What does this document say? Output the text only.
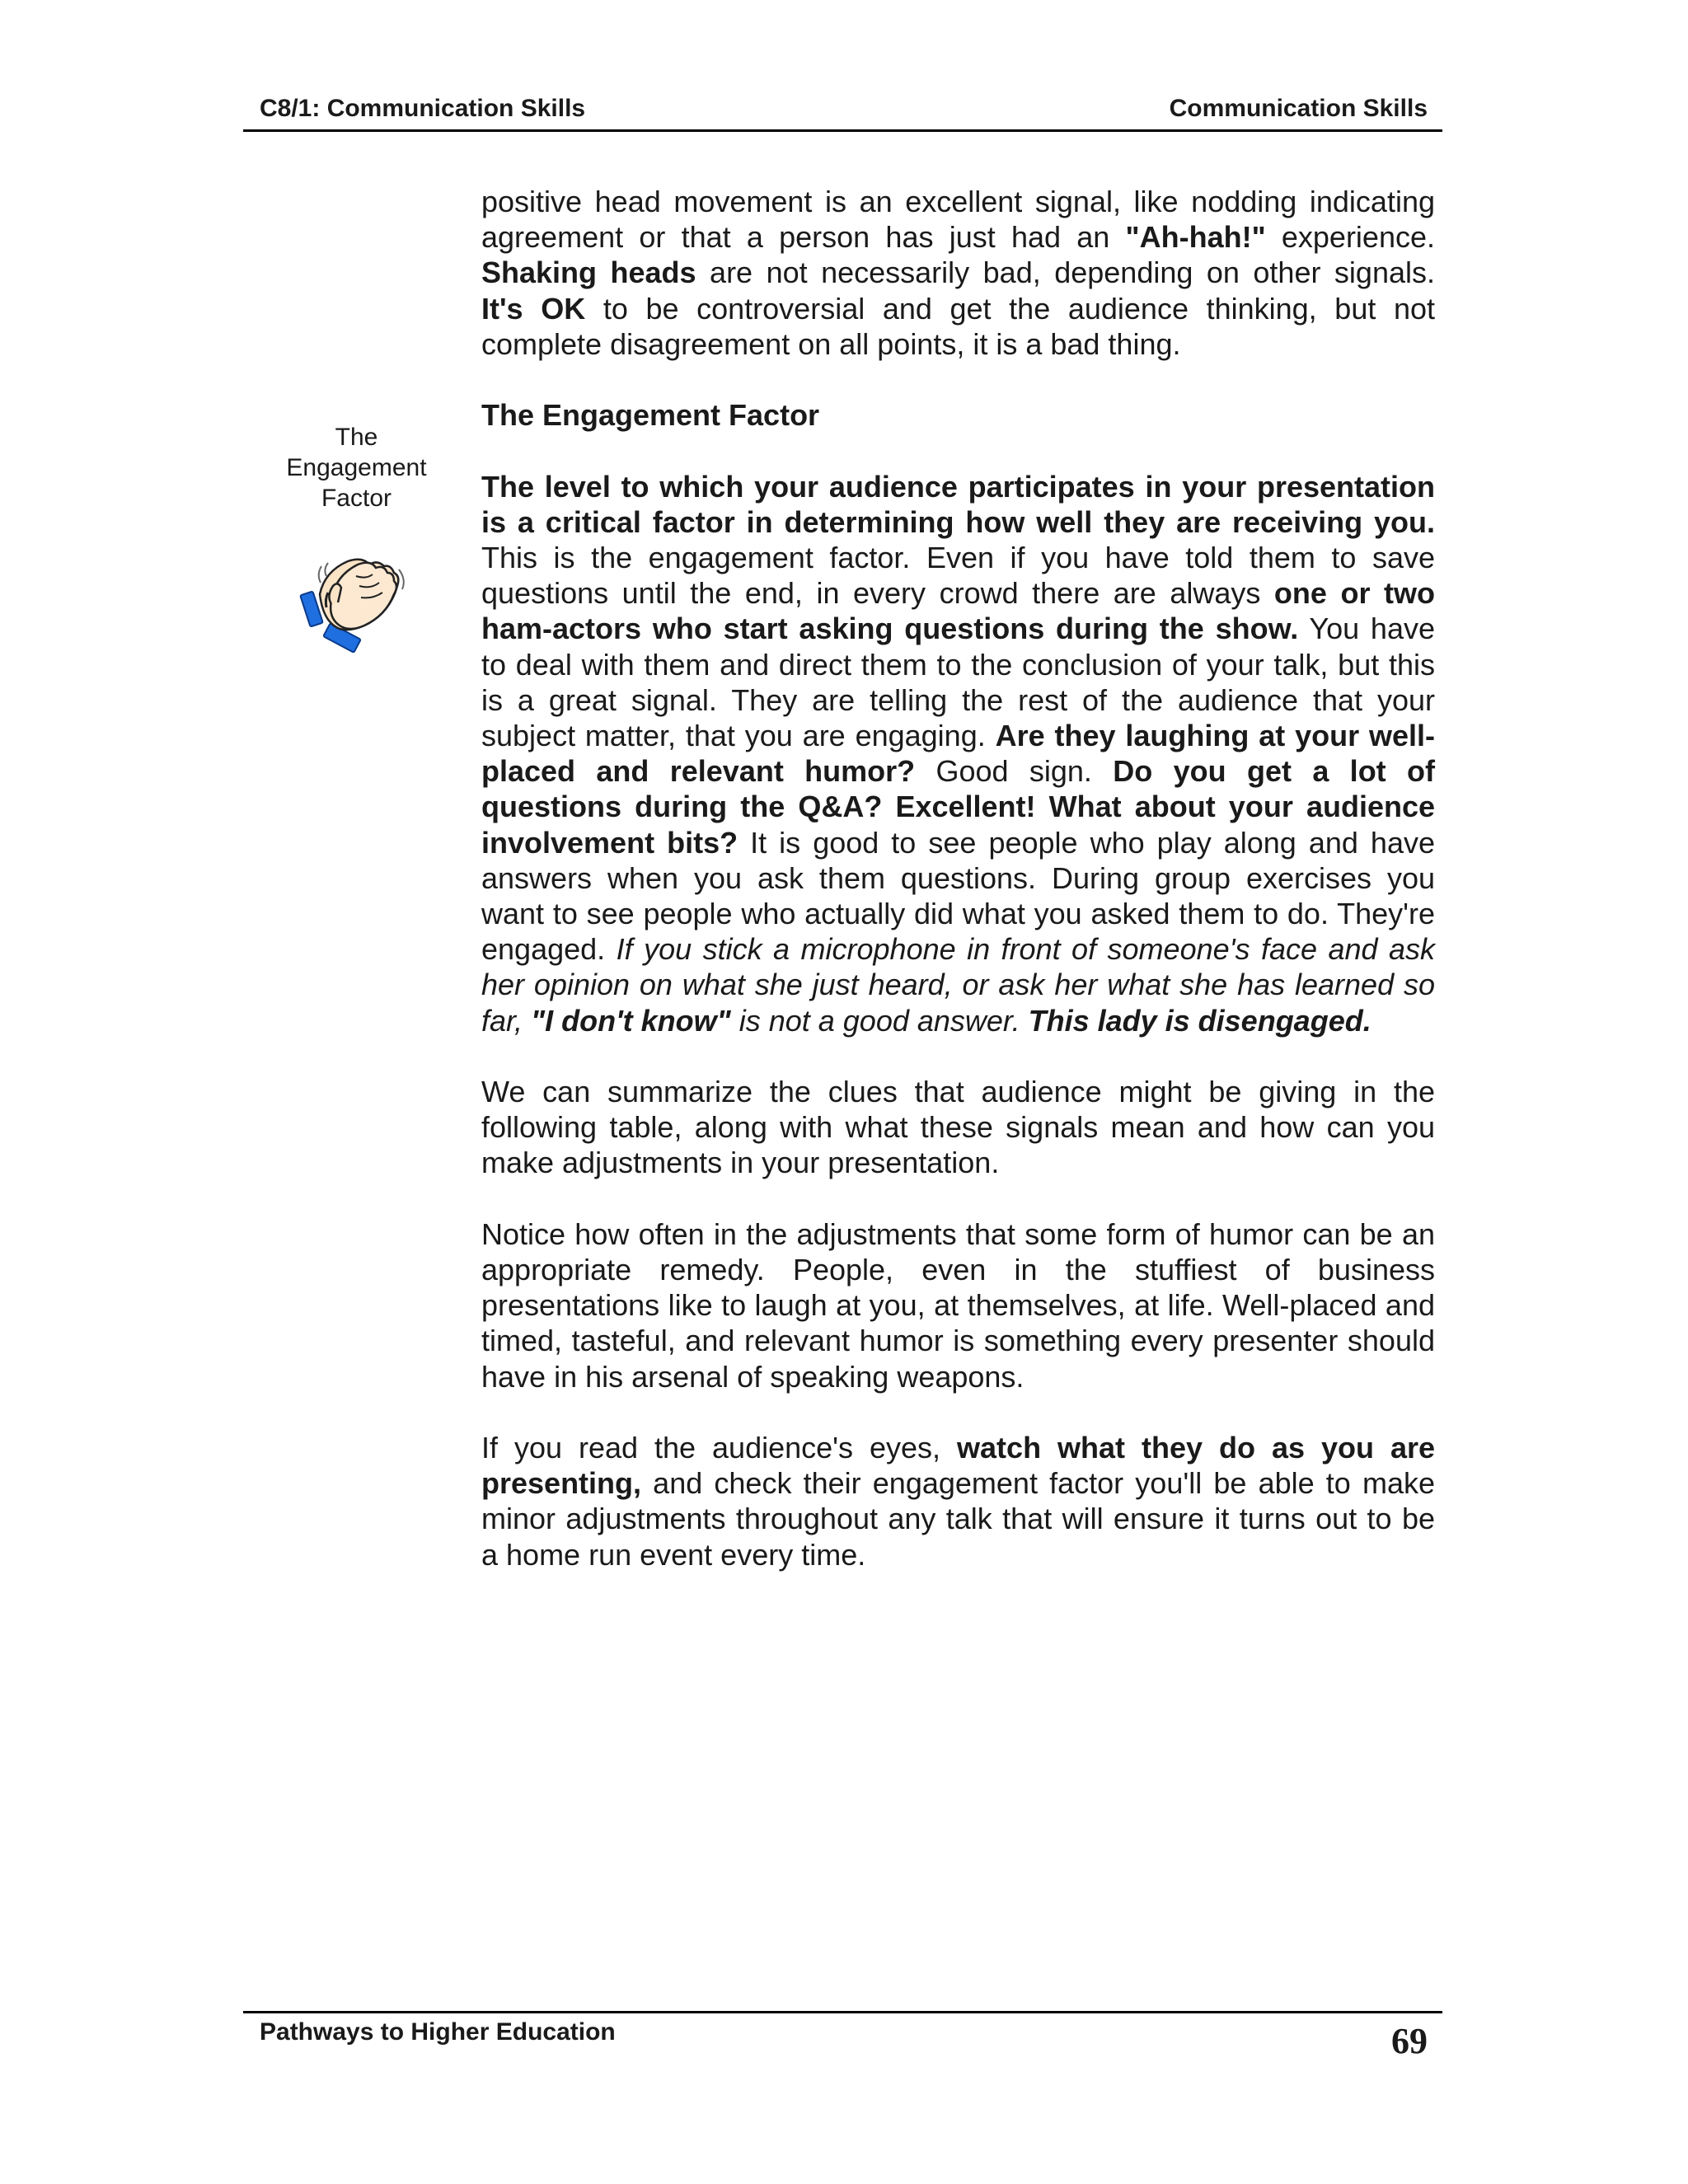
C8/1: Communication Skills	Communication Skills
The
Engagement
Factor

positive head movement is an excellent signal, like nodding indicating agreement or that a person has just had an "Ah-hah!" experience. Shaking heads are not necessarily bad, depending on other signals. It's OK to be controversial and get the audience thinking, but not complete disagreement on all points, it is a bad thing.

The Engagement Factor

The level to which your audience participates in your presentation is a critical factor in determining how well they are receiving you. This is the engagement factor. Even if you have told them to save questions until the end, in every crowd there are always one or two ham-actors who start asking questions during the show. You have to deal with them and direct them to the conclusion of your talk, but this is a great signal. They are telling the rest of the audience that your subject matter, that you are engaging. Are they laughing at your well-placed and relevant humor? Good sign. Do you get a lot of questions during the Q&A? Excellent! What about your audience involvement bits? It is good to see people who play along and have answers when you ask them questions. During group exercises you want to see people who actually did what you asked them to do. They're engaged. If you stick a microphone in front of someone's face and ask her opinion on what she just heard, or ask her what she has learned so far, "I don't know" is not a good answer. This lady is disengaged.

We can summarize the clues that audience might be giving in the following table, along with what these signals mean and how can you make adjustments in your presentation.

Notice how often in the adjustments that some form of humor can be an appropriate remedy. People, even in the stuffiest of business presentations like to laugh at you, at themselves, at life. Well-placed and timed, tasteful, and relevant humor is something every presenter should have in his arsenal of speaking weapons.

If you read the audience's eyes, watch what they do as you are presenting, and check their engagement factor you'll be able to make minor adjustments throughout any talk that will ensure it turns out to be a home run event every time.

Pathways to Higher Education	69
